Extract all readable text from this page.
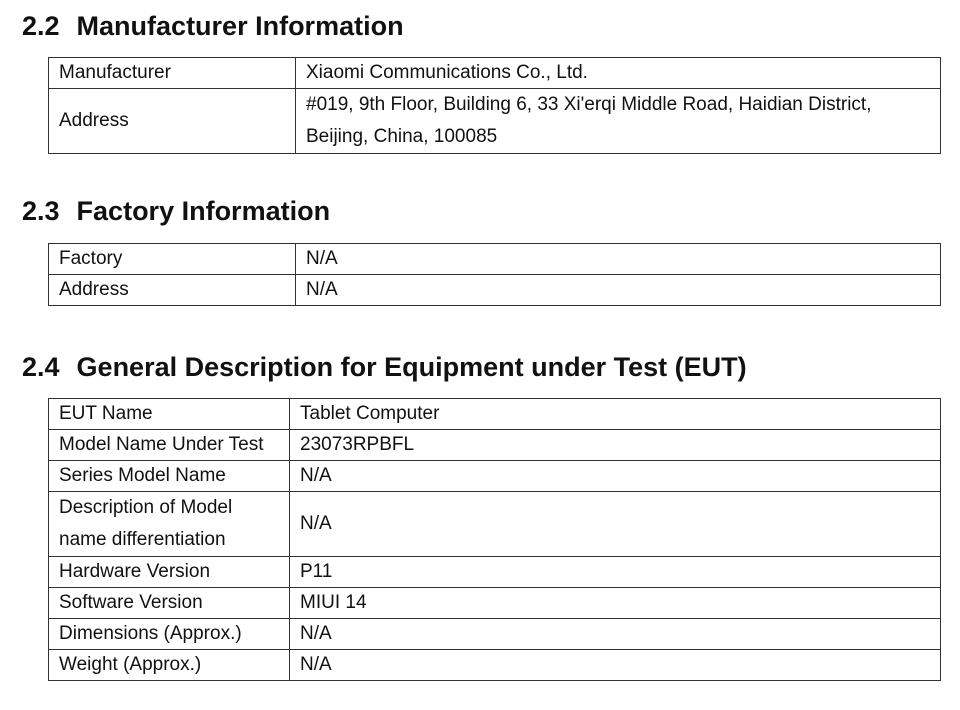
2.2 Manufacturer Information
Manufacturer	Xiaomi Communications Co., Ltd.
Address	#019, 9th Floor, Building 6, 33 Xi'erqi Middle Road, Haidian District, Beijing, China, 100085
2.3 Factory Information
Factory	N/A
Address	N/A
2.4 General Description for Equipment under Test (EUT)
EUT Name	Tablet Computer
Model Name Under Test	23073RPBFL
Series Model Name	N/A
Description of Model name differentiation	N/A
Hardware Version	P11
Software Version	MIUI 14
Dimensions (Approx.)	N/A
Weight (Approx.)	N/A
